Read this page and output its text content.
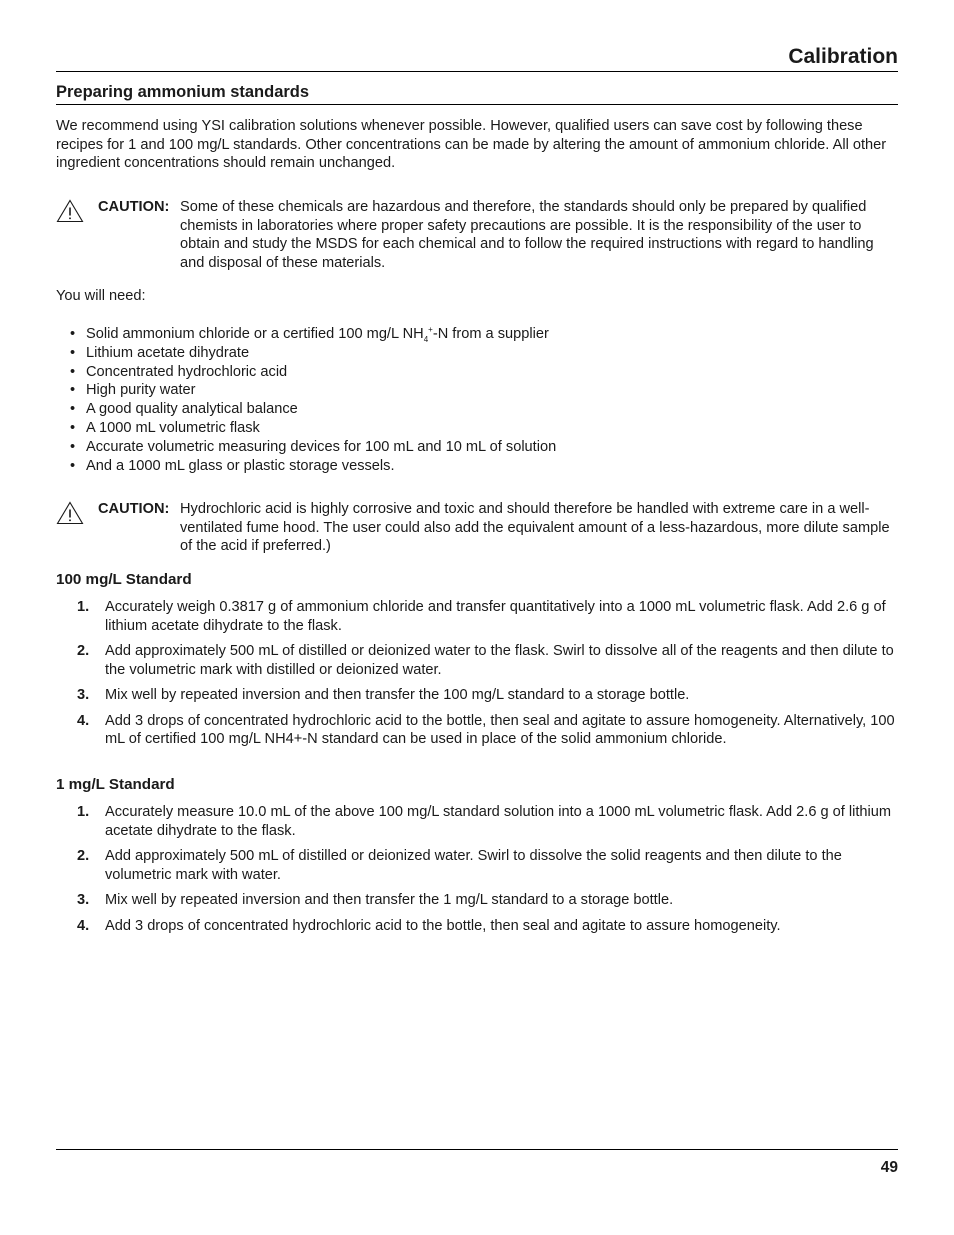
Calibration
Preparing ammonium standards

We recommend using YSI calibration solutions whenever possible. However, qualified users can save cost by following these recipes for 1 and 100 mg/L standards. Other concentrations can be made by altering the amount of ammonium chloride. All other ingredient concentrations should remain unchanged.

CAUTION: Some of these chemicals are hazardous and therefore, the standards should only be prepared by qualified chemists in laboratories where proper safety precautions are possible. It is the responsibility of the user to obtain and study the MSDS for each chemical and to follow the required instructions with regard to handling and disposal of these materials.

You will need:

• Solid ammonium chloride or a certified 100 mg/L $NH_4^+-N$ from a supplier
• Lithium acetate dihydrate
• Concentrated hydrochloric acid
• High purity water
• A good quality analytical balance
• A 1000 mL volumetric flask
• Accurate volumetric measuring devices for 100 mL and 10 mL of solution
• And a 1000 mL glass or plastic storage vessels.
CAUTION: Hydrochloric acid is highly corrosive and toxic and should therefore be handled with extreme care in a well-ventilated fume hood. The user could also add the equivalent amount of a less-hazardous, more dilute sample of the acid if preferred.)

100 mg/L Standard
1. Accurately weigh 0.3817 g of ammonium chloride and transfer quantitatively into a 1000 mL volumetric flask. Add 2.6 g of lithium acetate dihydrate to the flask.
2. Add approximately 500 mL of distilled or deionized water to the flask. Swirl to dissolve all of the reagents and then dilute to the volumetric mark with distilled or deionized water.
3. Mix well by repeated inversion and then transfer the 100 mg/L standard to a storage bottle.
4. Add 3 drops of concentrated hydrochloric acid to the bottle, then seal and agitate to assure homogeneity. Alternatively, 100 mL of certified 100 mg/L NH4+-N standard can be used in place of the solid ammonium chloride.
1 mg/L Standard
1. Accurately measure 10.0 mL of the above 100 mg/L standard solution into a 1000 mL volumetric flask. Add 2.6 g of lithium acetate dihydrate to the flask.
2. Add approximately 500 mL of distilled or deionized water. Swirl to dissolve the solid reagents and then dilute to the volumetric mark with water.
3. Mix well by repeated inversion and then transfer the 1 mg/L standard to a storage bottle.
4. Add 3 drops of concentrated hydrochloric acid to the bottle, then seal and agitate to assure homogeneity.
49
